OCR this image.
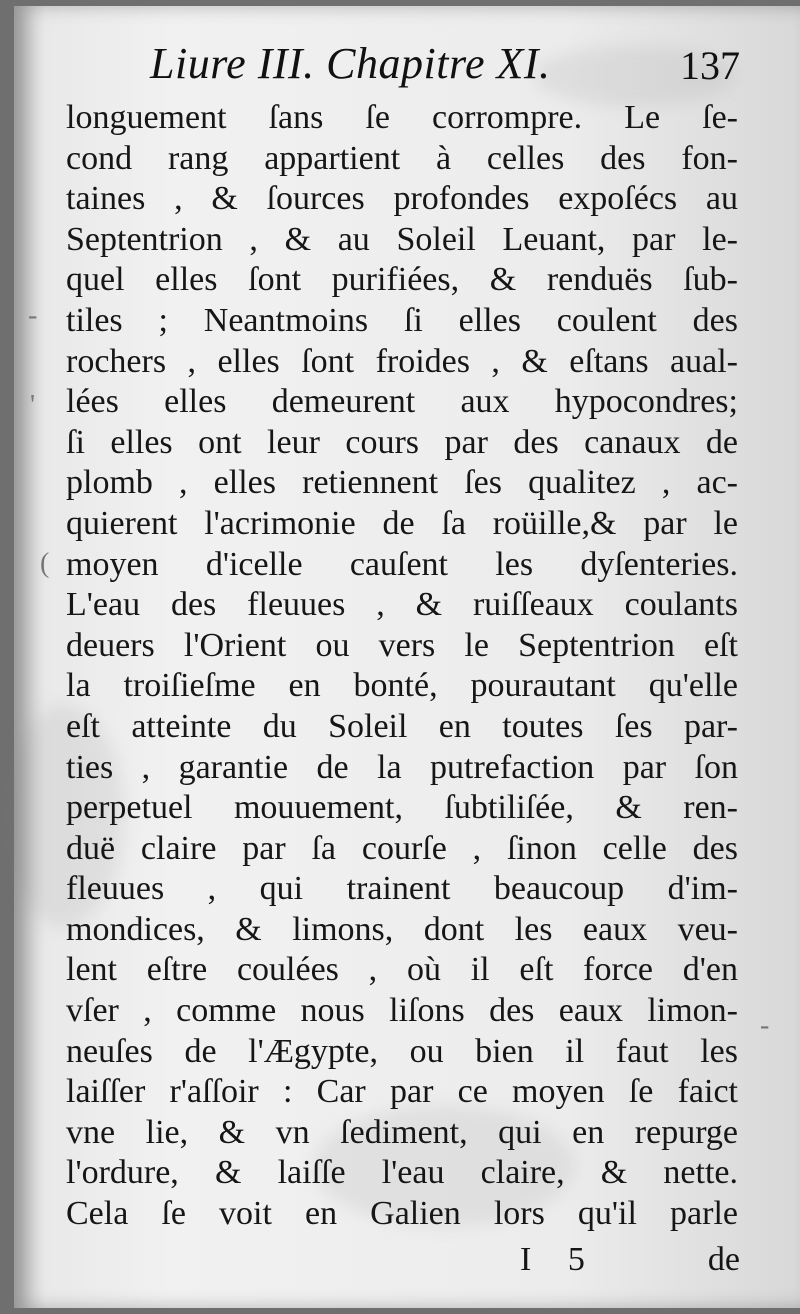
Liure III. Chapitre XI.	137
longuement ſans ſe corrompre. Le ſe-
cond rang appartient à celles des fon-
taines , & ſources profondes expoſécs au
Septentrion , & au Soleil Leuant, par le-
quel elles ſont purifiées, & renduës ſub-
tiles ; Neantmoins ſi elles coulent des
rochers , elles ſont froides , & eſtans aual-
lées elles demeurent aux hypocondres;
ſi elles ont leur cours par des canaux de
plomb , elles retiennent ſes qualitez , ac-
quierent l'acrimonie de ſa roüille,& par le
moyen d'icelle cauſent les dyſenteries.
L'eau des fleuues , & ruiſſeaux coulants
deuers l'Orient ou vers le Septentrion eſt
la troiſieſme en bonté, pourautant qu'elle
eſt atteinte du Soleil en toutes ſes par-
ties , garantie de la putrefaction par ſon
perpetuel mouuement, ſubtiliſée, & ren-
duë claire par ſa courſe , ſinon celle des
fleuues , qui trainent beaucoup d'im-
mondices, & limons, dont les eaux veu-
lent eſtre coulées , où il eſt force d'en
vſer , comme nous liſons des eaux limon-
neuſes de l'Ægypte, ou bien il faut les
laiſſer r'aſſoir : Car par ce moyen ſe faict
vne lie, & vn ſediment, qui en repurge
l'ordure, & laiſſe l'eau claire, & nette.
Cela ſe voit en Galien lors qu'il parle
-
'
(
-
I 5	de
